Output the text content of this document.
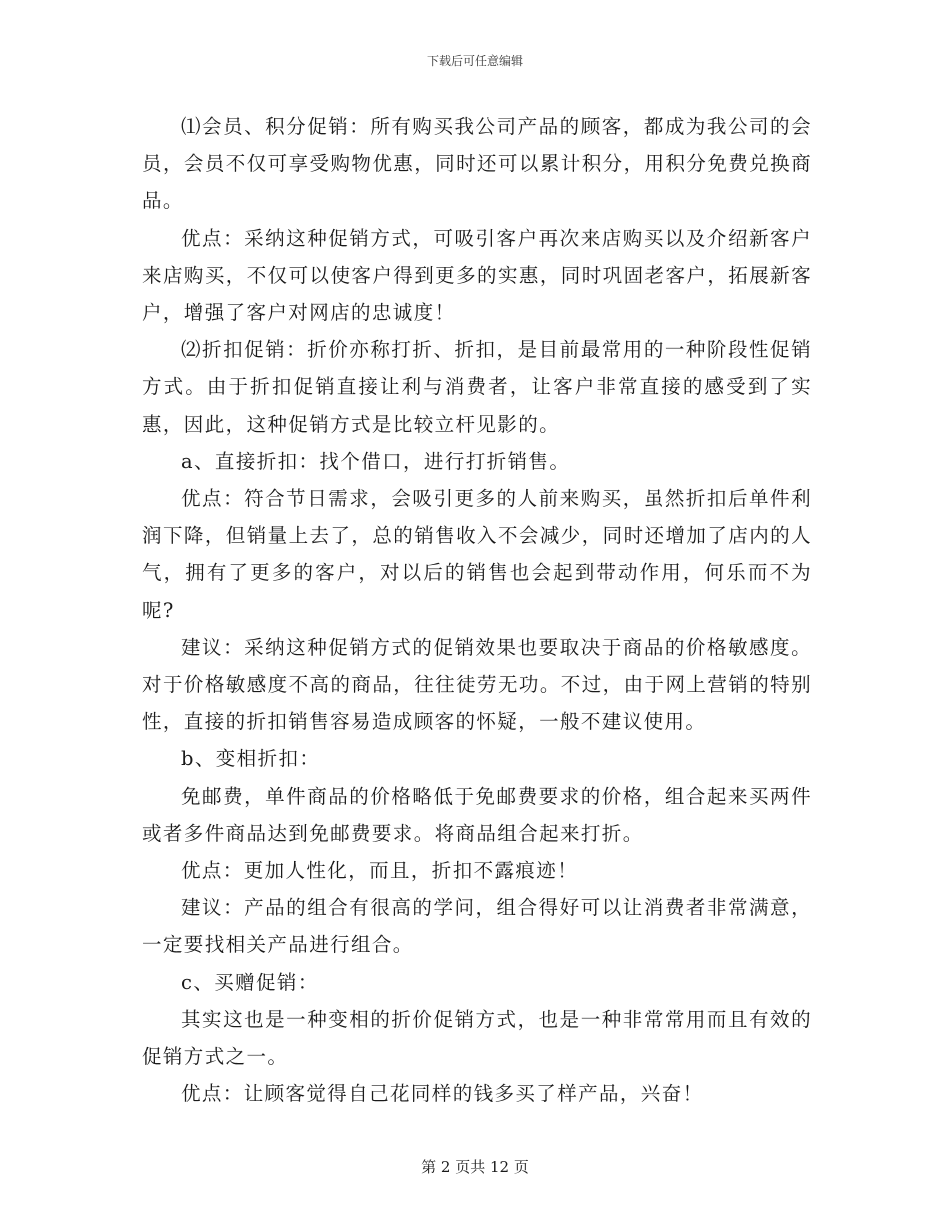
下载后可任意编辑

⑴会员、积分促销：所有购买我公司产品的顾客，都成为我公司的会员，会员不仅可享受购物优惠，同时还可以累计积分，用积分免费兑换商品。

优点：采纳这种促销方式，可吸引客户再次来店购买以及介绍新客户来店购买，不仅可以使客户得到更多的实惠，同时巩固老客户，拓展新客户，增强了客户对网店的忠诚度！

⑵折扣促销：折价亦称打折、折扣，是目前最常用的一种阶段性促销方式。由于折扣促销直接让利与消费者，让客户非常直接的感受到了实惠，因此，这种促销方式是比较立杆见影的。

a、直接折扣：找个借口，进行打折销售。

优点：符合节日需求，会吸引更多的人前来购买，虽然折扣后单件利润下降，但销量上去了，总的销售收入不会减少，同时还增加了店内的人气，拥有了更多的客户，对以后的销售也会起到带动作用，何乐而不为呢?

建议：采纳这种促销方式的促销效果也要取决于商品的价格敏感度。对于价格敏感度不高的商品，往往徒劳无功。不过，由于网上营销的特别性，直接的折扣销售容易造成顾客的怀疑，一般不建议使用。

b、变相折扣：

免邮费，单件商品的价格略低于免邮费要求的价格，组合起来买两件或者多件商品达到免邮费要求。将商品组合起来打折。

优点：更加人性化，而且，折扣不露痕迹！

建议：产品的组合有很高的学问，组合得好可以让消费者非常满意，一定要找相关产品进行组合。

c、买赠促销：

其实这也是一种变相的折价促销方式，也是一种非常常用而且有效的促销方式之一。

优点：让顾客觉得自己花同样的钱多买了样产品，兴奋！

第 2 页共 12 页
